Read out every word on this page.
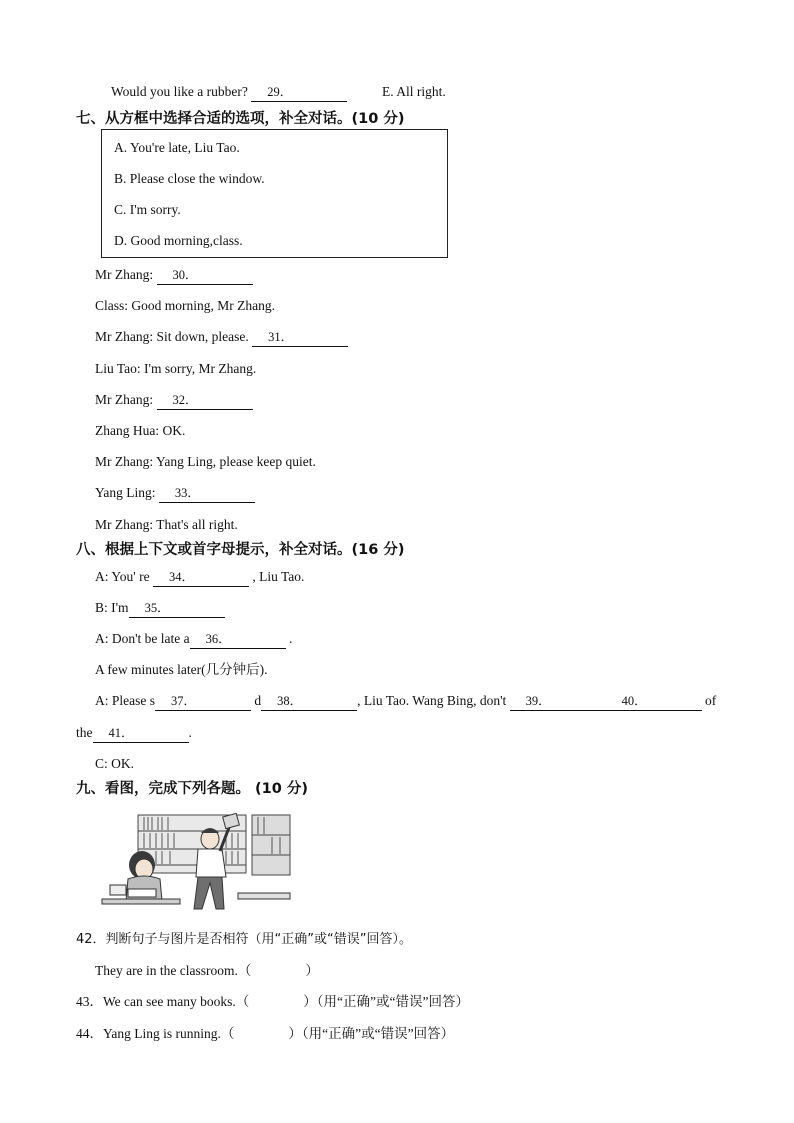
Would you like a rubber? 29．	E. All right.
七、从方框中选择合适的选项，补全对话。(10 分)
A. You're late, Liu Tao.
B. Please close the window.
C. I'm sorry.
D. Good morning,class.
Mr Zhang: 30．
Class: Good morning, Mr Zhang.
Mr Zhang: Sit down, please. 31．
Liu Tao: I'm sorry, Mr Zhang.
Mr Zhang: 32．
Zhang Hua: OK.
Mr Zhang: Yang Ling, please keep quiet.
Yang Ling: 33．
Mr Zhang: That's all right.
八、根据上下文或首字母提示，补全对话。(16 分)
A: You' re 34．	, Liu Tao.
B: I'm 35．
A: Don't be late a 36．	.
A few minutes later(几分钟后).
A: Please s 37．	d 38．	, Liu Tao. Wang Bing, don't 39．	40．	of
the 41．	.
C: OK.
九、看图，完成下列各题。 (10 分)
42．判断句子与图片是否相符（用“正确”或“错误”回答）。
They are in the classroom.（　　　　）
43．We can see many books.（　　　　）（用“正确”或“错误”回答）
44．Yang Ling is running.（　　　　）（用“正确”或“错误”回答）
